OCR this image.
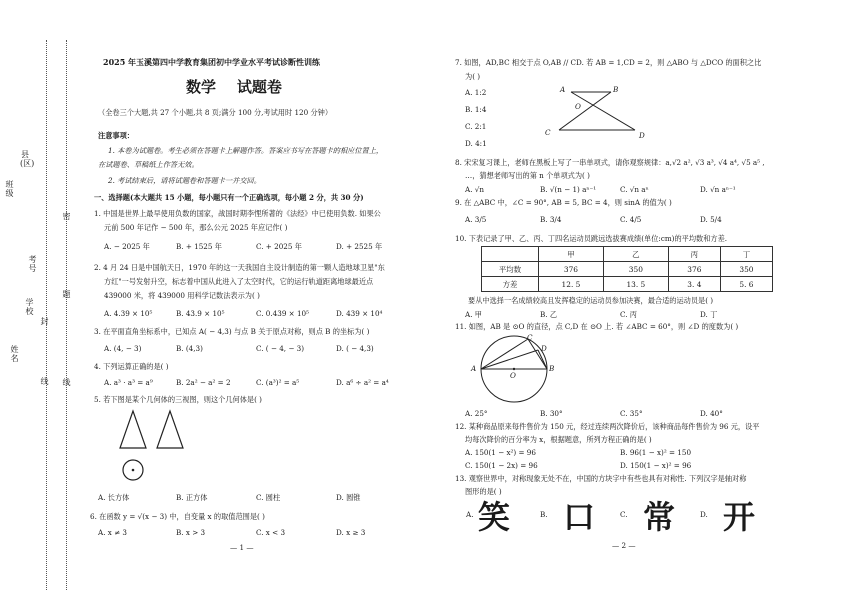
班级
县(区)
考号
学校
姓名
密
封
线
题
线
2025 年玉溪第四中学教育集团初中学业水平考试诊断性训练
数学    试题卷
（全卷三个大题,共 27 个小题,共 8 页;满分 100 分,考试用时 120 分钟）
注意事项：
1. 本卷为试题卷。考生必须在答题卡上解题作答。答案应书写在答题卡的相应位置上，
在试题卷、草稿纸上作答无效。
2. 考试结束后，请将试题卷和答题卡一并交回。
一、选择题(本大题共 15 小题，每小题只有一个正确选项，每小题 2 分，共 30 分)
1. 中国是世界上最早使用负数的国家，战国时期李悝所著的《法经》中已使用负数. 如果公
元前 500 年记作 − 500 年，那么公元 2025 年应记作( )
A. − 2025 年	B. + 1525 年	C. + 2025 年	D. + 2525 年
2. 4 月 24 日是中国航天日，1970 年的这一天我国自主设计制造的第一颗人造地球卫星"东
方红"一号发射升空，标志着中国从此进入了太空时代，它的运行轨道距离地球最近点
439000 米，将 439000 用科学记数法表示为( )
A. 4.39 × 10⁵	B. 43.9 × 10⁵	C. 0.439 × 10⁵	D. 439 × 10⁴
3. 在平面直角坐标系中，已知点 A( − 4,3) 与点 B 关于原点对称，则点 B 的坐标为( )
A. (4, − 3)	B. (4,3)	C. ( − 4, − 3)	D. ( − 4,3)
4. 下列运算正确的是( )
A. a³ · a³ = a⁹	B. 2a² − a² = 2	C. (a³)² = a⁵	D. a⁶ ÷ a² = a⁴
5. 若下图是某个几何体的三视图，则这个几何体是( )
A. 长方体	B. 正方体	C. 圆柱	D. 圆锥
6. 在函数 y = √(x − 3) 中，自变量 x 的取值范围是( )
A. x ≠ 3	B. x > 3	C. x < 3	D. x ≥ 3
— 1 —
7. 如图，AD,BC 相交于点 O,AB // CD. 若 AB = 1,CD = 2，则 △ABO 与 △DCO 的面积之比
为( )
A. 1:2
B. 1:4
C. 2:1
D. 4:1
A	B
O
C	D
8. 宋宋复习课上，老师在黑板上写了一串单项式，请你观察规律：a,√2 a², √3 a³, √4 a⁴, √5 a⁵ ,
…，猜想老师写出的第 n 个单项式为( )
A. √n	B. √(n − 1) aⁿ⁻¹	C. √n aⁿ	D. √n aⁿ⁻¹
9. 在 △ABC 中，∠C = 90°, AB = 5, BC = 4，则 sinA 的值为( )
A. 3/5	B. 3/4	C. 4/5	D. 5/4
10. 下表记录了甲、乙、丙、丁四名运动员跳远选拔赛成绩(单位:cm)的平均数和方差.
	甲	乙	丙	丁
平均数	376	350	376	350
方差	12. 5	13. 5	3. 4	5. 6
要从中选择一名成绩较高且发挥稳定的运动员参加决赛，最合适的运动员是( )
A. 甲	B. 乙	C. 丙	D. 丁
11. 如图，AB 是 ⊙O 的直径，点 C,D 在 ⊙O 上. 若 ∠ABC = 60°，则 ∠D 的度数为( )
A	B
O
C
D
A. 25°	B. 30°	C. 35°	D. 40°
12. 某种商品原来每件售价为 150 元，经过连续两次降价后，该种商品每件售价为 96 元，设平
均每次降价的百分率为 x，根据题意，所列方程正确的是( )
A. 150(1 − x²) = 96	B. 96(1 − x)² = 150
C. 150(1 − 2x) = 96	D. 150(1 − x)² = 96
13. 观察世界中，对称现象无处不在，中国的方块字中有些也具有对称性. 下列汉字是轴对称
图形的是( )
A. 笑	B. 口	C. 常	D. 开
— 2 —
